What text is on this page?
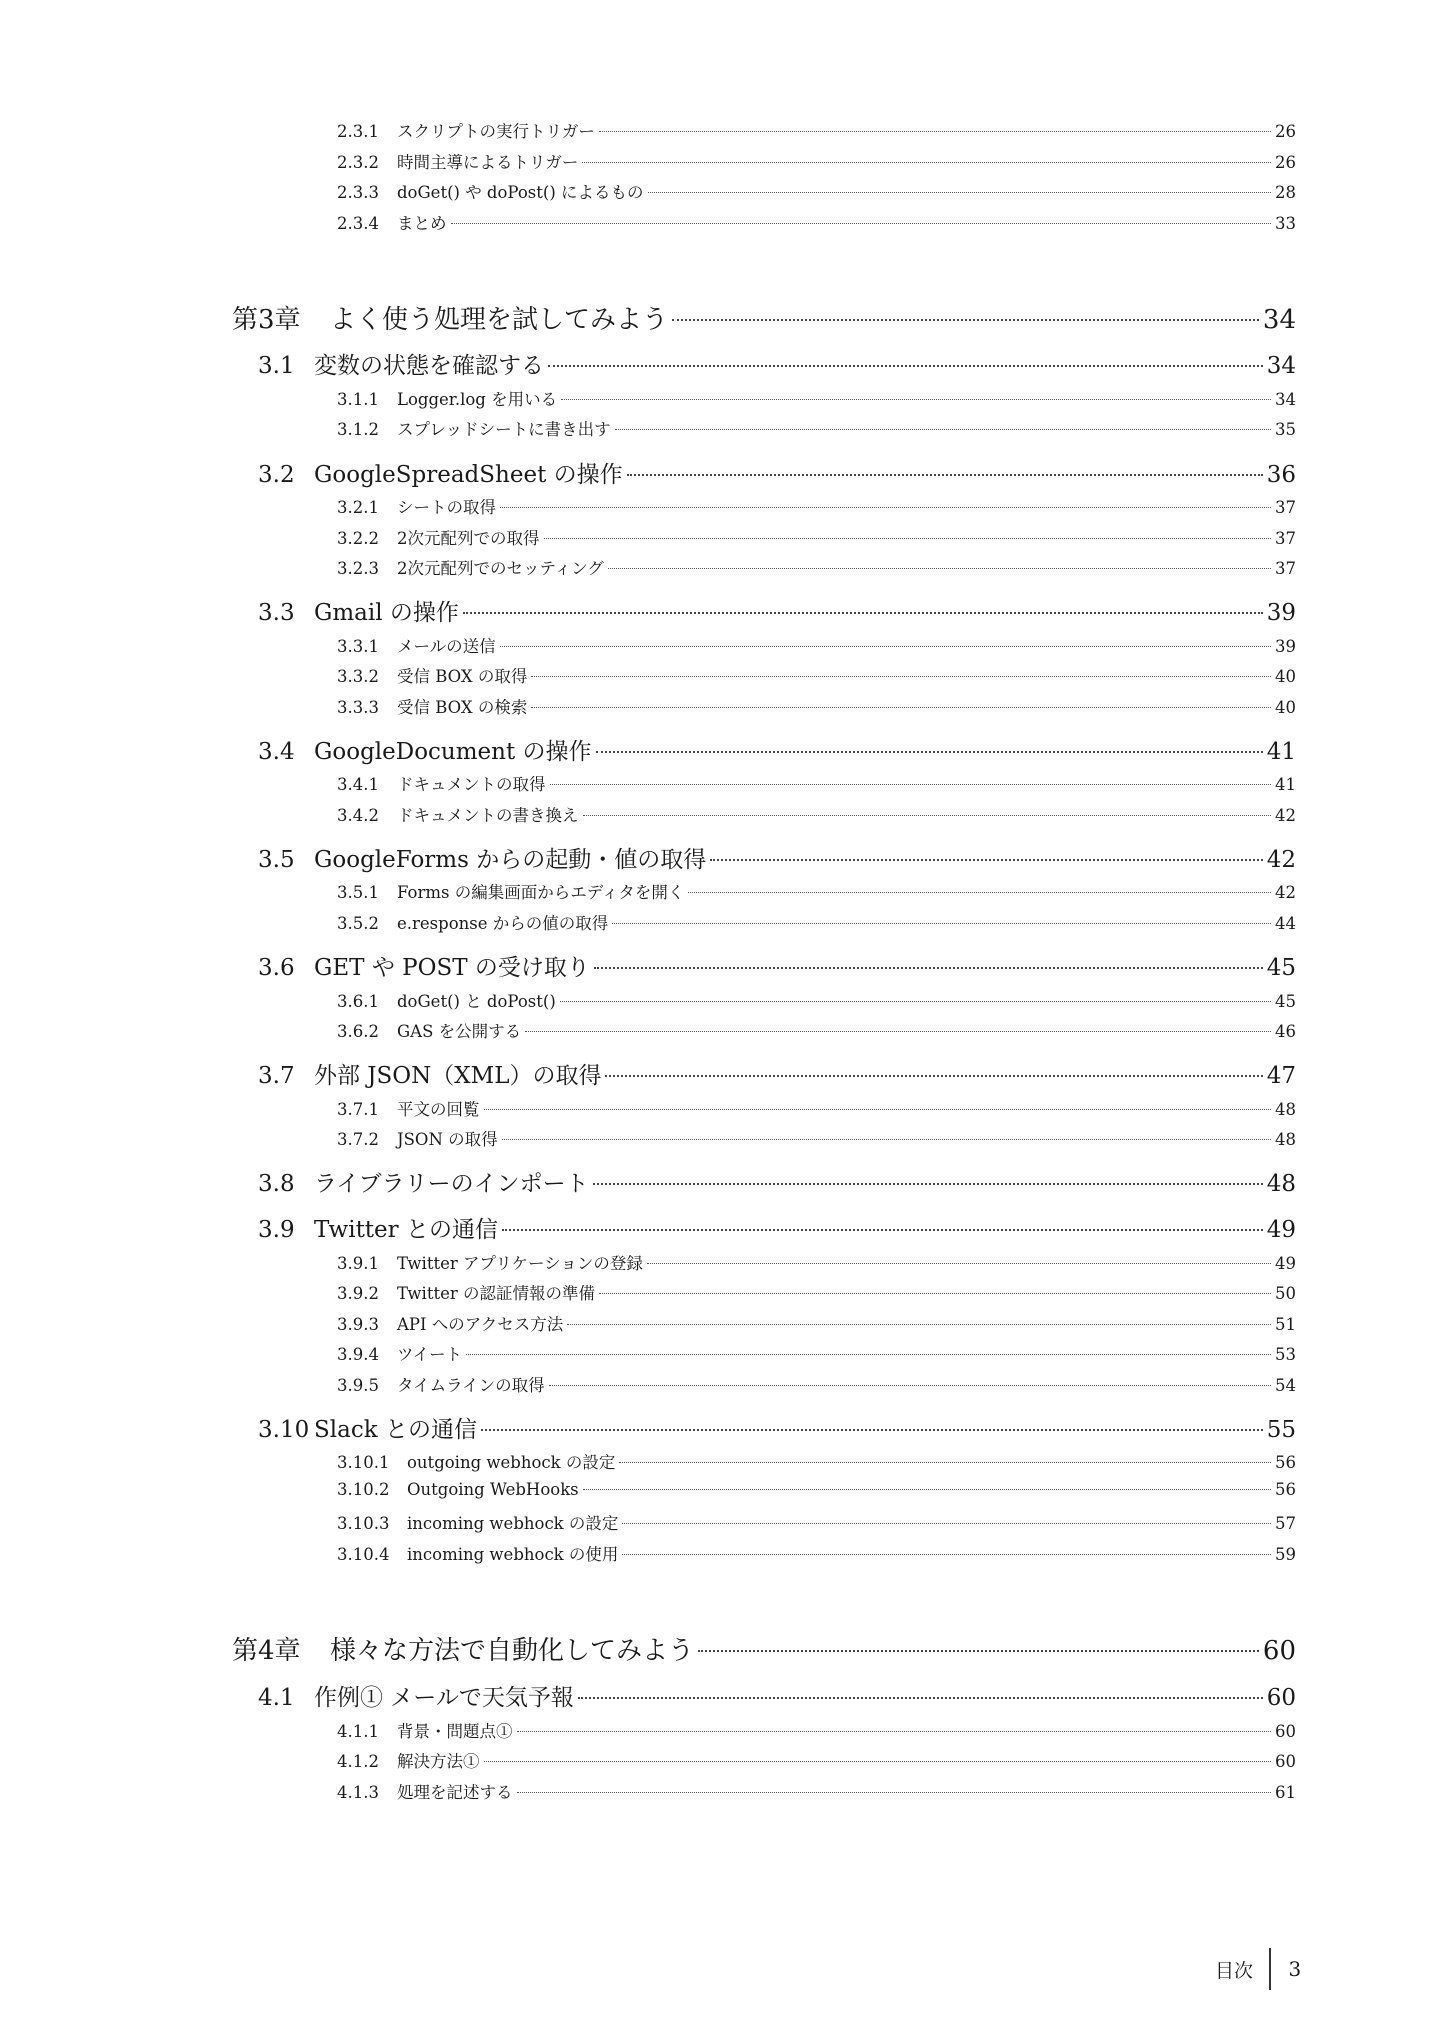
2.3.1	スクリプトの実行トリガー	26
2.3.2	時間主導によるトリガー	26
2.3.3	doGet() や doPost() によるもの	28
2.3.4	まとめ	33
第3章	よく使う処理を試してみよう	34
3.1 変数の状態を確認する	34
3.1.1	Logger.log を用いる	34
3.1.2	スプレッドシートに書き出す	35
3.2 GoogleSpreadSheet の操作	36
3.2.1	シートの取得	37
3.2.2	2次元配列での取得	37
3.2.3	2次元配列でのセッティング	37
3.3 Gmail の操作	39
3.3.1	メールの送信	39
3.3.2	受信 BOX の取得	40
3.3.3	受信 BOX の検索	40
3.4 GoogleDocument の操作	41
3.4.1	ドキュメントの取得	41
3.4.2	ドキュメントの書き換え	42
3.5 GoogleForms からの起動・値の取得	42
3.5.1	Forms の編集画面からエディタを開く	42
3.5.2	e.response からの値の取得	44
3.6 GET や POST の受け取り	45
3.6.1	doGet() と doPost()	45
3.6.2	GAS を公開する	46
3.7 外部 JSON（XML）の取得	47
3.7.1	平文の回覧	48
3.7.2	JSON の取得	48
3.8 ライブラリーのインポート	48
3.9 Twitter との通信	49
3.9.1	Twitter アプリケーションの登録	49
3.9.2	Twitter の認証情報の準備	50
3.9.3	API へのアクセス方法	51
3.9.4	ツイート	53
3.9.5	タイムラインの取得	54
3.10 Slack との通信	55
3.10.1	outgoing webhock の設定	56
3.10.2	Outgoing WebHooks	56
3.10.3	incoming webhock の設定	57
3.10.4	incoming webhock の使用	59
第4章	様々な方法で自動化してみよう	60
4.1 作例① メールで天気予報	60
4.1.1	背景・問題点①	60
4.1.2	解決方法①	60
4.1.3	処理を記述する	61
目次 3
